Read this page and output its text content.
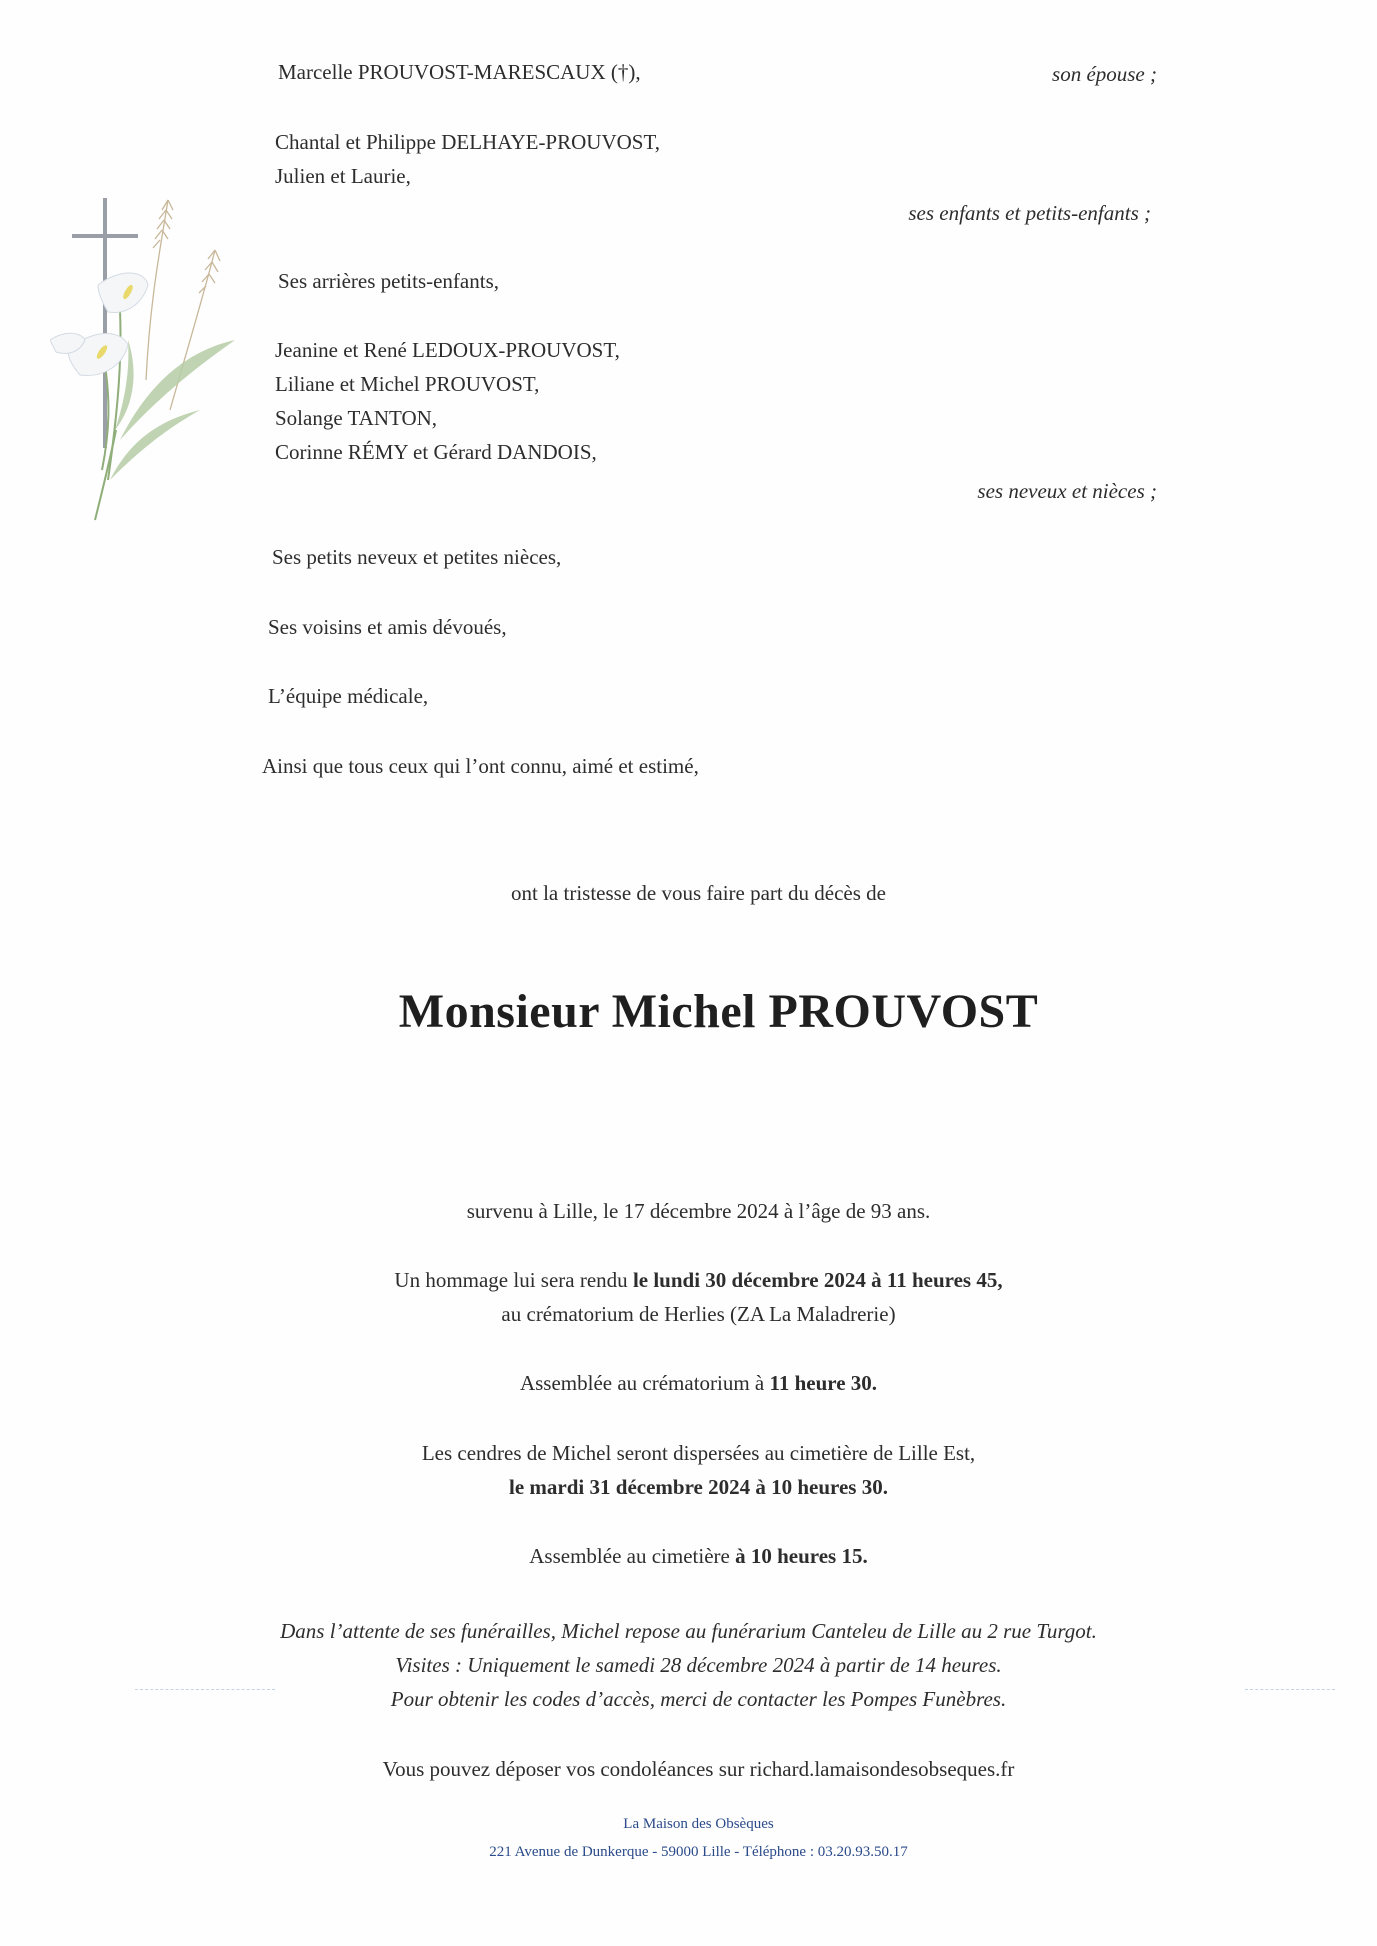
Marcelle PROUVOST-MARESCAUX (†),	son épouse ;
Chantal et Philippe DELHAYE-PROUVOST,
Julien et Laurie,
ses enfants et petits-enfants ;
Ses arrières petits-enfants,
Jeanine et René LEDOUX-PROUVOST,
Liliane et Michel PROUVOST,
Solange TANTON,
Corinne RÉMY et Gérard DANDOIS,
ses neveux et nièces ;
Ses petits neveux et petites nièces,
Ses voisins et amis dévoués,
L’équipe médicale,
Ainsi que tous ceux qui l’ont connu, aimé et estimé,
ont la tristesse de vous faire part du décès de
Monsieur Michel PROUVOST
survenu à Lille, le 17 décembre 2024 à l’âge de 93 ans.
Un hommage lui sera rendu le lundi 30 décembre 2024 à 11 heures 45,
au crématorium de Herlies (ZA La Maladrerie)
Assemblée au crématorium à 11 heure 30.
Les cendres de Michel seront dispersées au cimetière de Lille Est,
le mardi 31 décembre 2024 à 10 heures 30.
Assemblée au cimetière à 10 heures 15.
Dans l’attente de ses funérailles, Michel repose au funérarium Canteleu de Lille au 2 rue Turgot.
Visites : Uniquement le samedi 28 décembre 2024 à partir de 14 heures.
Pour obtenir les codes d’accès, merci de contacter les Pompes Funèbres.
Vous pouvez déposer vos condoléances sur richard.lamaisondesobseques.fr
La Maison des Obsèques
221 Avenue de Dunkerque - 59000 Lille - Téléphone : 03.20.93.50.17
